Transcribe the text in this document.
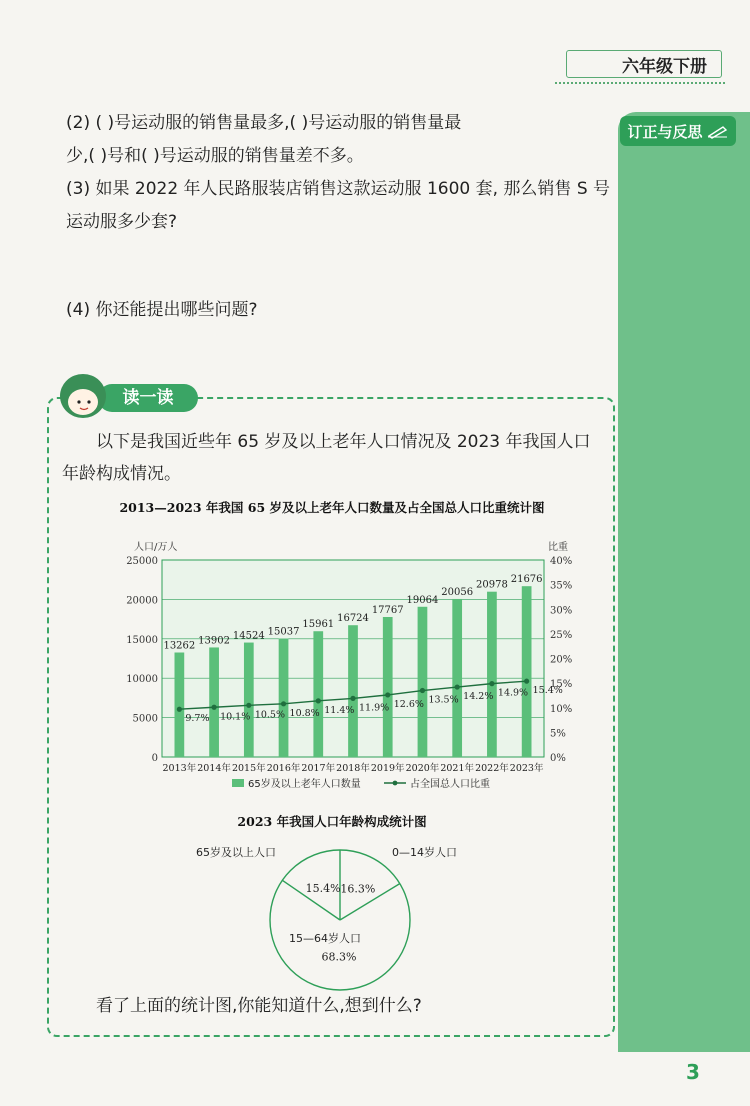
六年级下册
订正与反思
(2) ( )号运动服的销售量最多,( )号运动服的销售量最
少,( )号和( )号运动服的销售量差不多。
(3) 如果 2022 年人民路服装店销售这款运动服 1600 套, 那么销售 S 号
运动服多少套?
(4) 你还能提出哪些问题?
读一读
以下是我国近些年 65 岁及以上老年人口情况及 2023 年我国人口
年龄构成情况。
2013—2023 年我国 65 岁及以上老年人口数量及占全国总人口比重统计图
0
5000
10000
15000
20000
25000
0%
5%
10%
15%
20%
25%
30%
35%
40%
人口/万人	比重
13262
2013年
13902
2014年
14524
2015年
15037
2016年
15961
2017年
16724
2018年
17767
2019年
19064
2020年
20056
2021年
20978
2022年
21676
2023年
9.7% 10.1% 10.5% 10.8% 11.4% 11.9% 12.6% 13.5% 14.2% 14.9% 15.4%
65岁及以上老年人口数量	占全国总人口比重
2023 年我国人口年龄构成统计图
16.3%
0—14岁人口
68.3%
15—64岁人口
15.4%
65岁及以上人口
看了上面的统计图,你能知道什么,想到什么?
3
